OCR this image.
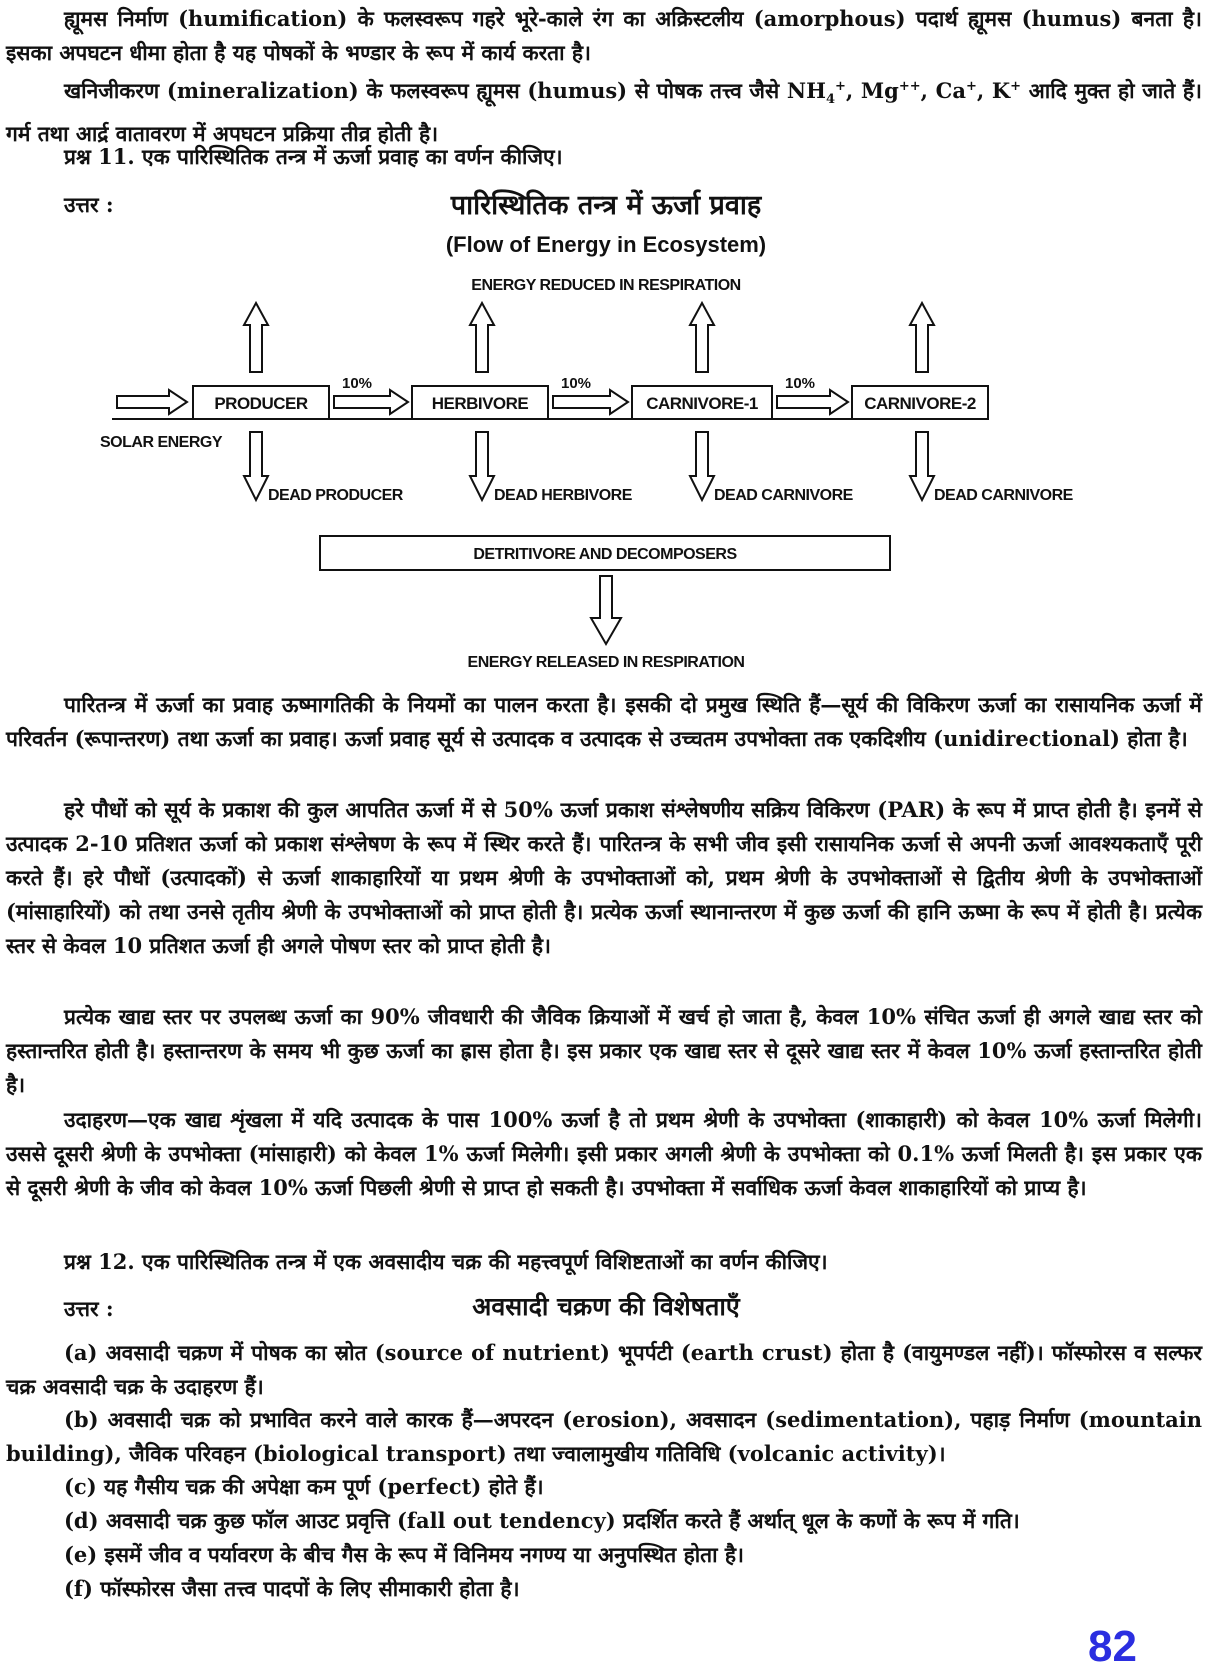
ह्यूमस निर्माण (humification) के फलस्वरूप गहरे भूरे-काले रंग का अक्रिस्टलीय (amorphous) पदार्थ ह्यूमस (humus) बनता है। इसका अपघटन धीमा होता है यह पोषकों के भण्डार के रूप में कार्य करता है।

खनिजीकरण (mineralization) के फलस्वरूप ह्यूमस (humus) से पोषक तत्त्व जैसे $NH_4^+$, Mg++, Ca+, K+ आदि मुक्त हो जाते हैं। गर्म तथा आर्द्र वातावरण में अपघटन प्रक्रिया तीव्र होती है।

प्रश्न 11. एक पारिस्थितिक तन्त्र में ऊर्जा प्रवाह का वर्णन कीजिए।
उत्तर :	पारिस्थितिक तन्त्र में ऊर्जा प्रवाह
(Flow of Energy in Ecosystem)
ENERGY REDUCED IN RESPIRATION
PRODUCER
DEAD PRODUCER
10%
HERBIVORE
DEAD HERBIVORE
10%
CARNIVORE-1
DEAD CARNIVORE
10%
CARNIVORE-2
DEAD CARNIVORE
SOLAR ENERGY
DETRITIVORE AND DECOMPOSERS
ENERGY RELEASED IN RESPIRATION

पारितन्त्र में ऊर्जा का प्रवाह ऊष्मागतिकी के नियमों का पालन करता है। इसकी दो प्रमुख स्थिति हैं—सूर्य की विकिरण ऊर्जा का रासायनिक ऊर्जा में परिवर्तन (रूपान्तरण) तथा ऊर्जा का प्रवाह। ऊर्जा प्रवाह सूर्य से उत्पादक व उत्पादक से उच्चतम उपभोक्ता तक एकदिशीय (unidirectional) होता है।

हरे पौधों को सूर्य के प्रकाश की कुल आपतित ऊर्जा में से 50% ऊर्जा प्रकाश संश्लेषणीय सक्रिय विकिरण (PAR) के रूप में प्राप्त होती है। इनमें से उत्पादक 2-10 प्रतिशत ऊर्जा को प्रकाश संश्लेषण के रूप में स्थिर करते हैं। पारितन्त्र के सभी जीव इसी रासायनिक ऊर्जा से अपनी ऊर्जा आवश्यकताएँ पूरी करते हैं। हरे पौधों (उत्पादकों) से ऊर्जा शाकाहारियों या प्रथम श्रेणी के उपभोक्ताओं को, प्रथम श्रेणी के उपभोक्ताओं से द्वितीय श्रेणी के उपभोक्ताओं (मांसाहारियों) को तथा उनसे तृतीय श्रेणी के उपभोक्ताओं को प्राप्त होती है। प्रत्येक ऊर्जा स्थानान्तरण में कुछ ऊर्जा की हानि ऊष्मा के रूप में होती है। प्रत्येक स्तर से केवल 10 प्रतिशत ऊर्जा ही अगले पोषण स्तर को प्राप्त होती है।

प्रत्येक खाद्य स्तर पर उपलब्ध ऊर्जा का 90% जीवधारी की जैविक क्रियाओं में खर्च हो जाता है, केवल 10% संचित ऊर्जा ही अगले खाद्य स्तर को हस्तान्तरित होती है। हस्तान्तरण के समय भी कुछ ऊर्जा का ह्रास होता है। इस प्रकार एक खाद्य स्तर से दूसरे खाद्य स्तर में केवल 10% ऊर्जा हस्तान्तरित होती है।

उदाहरण—एक खाद्य शृंखला में यदि उत्पादक के पास 100% ऊर्जा है तो प्रथम श्रेणी के उपभोक्ता (शाकाहारी) को केवल 10% ऊर्जा मिलेगी। उससे दूसरी श्रेणी के उपभोक्ता (मांसाहारी) को केवल 1% ऊर्जा मिलेगी। इसी प्रकार अगली श्रेणी के उपभोक्ता को 0.1% ऊर्जा मिलती है। इस प्रकार एक से दूसरी श्रेणी के जीव को केवल 10% ऊर्जा पिछली श्रेणी से प्राप्त हो सकती है। उपभोक्ता में सर्वाधिक ऊर्जा केवल शाकाहारियों को प्राप्य है।

प्रश्न 12. एक पारिस्थितिक तन्त्र में एक अवसादीय चक्र की महत्त्वपूर्ण विशिष्टताओं का वर्णन कीजिए।
उत्तर :	अवसादी चक्रण की विशेषताएँ

(a) अवसादी चक्रण में पोषक का स्रोत (source of nutrient) भूपर्पटी (earth crust) होता है (वायुमण्डल नहीं)। फॉस्फोरस व सल्फर चक्र अवसादी चक्र के उदाहरण हैं।

(b) अवसादी चक्र को प्रभावित करने वाले कारक हैं—अपरदन (erosion), अवसादन (sedimentation), पहाड़ निर्माण (mountain building), जैविक परिवहन (biological transport) तथा ज्वालामुखीय गतिविधि (volcanic activity)।

(c) यह गैसीय चक्र की अपेक्षा कम पूर्ण (perfect) होते हैं।

(d) अवसादी चक्र कुछ फॉल आउट प्रवृत्ति (fall out tendency) प्रदर्शित करते हैं अर्थात् धूल के कणों के रूप में गति।

(e) इसमें जीव व पर्यावरण के बीच गैस के रूप में विनिमय नगण्य या अनुपस्थित होता है।

(f) फॉस्फोरस जैसा तत्त्व पादपों के लिए सीमाकारी होता है।

82
